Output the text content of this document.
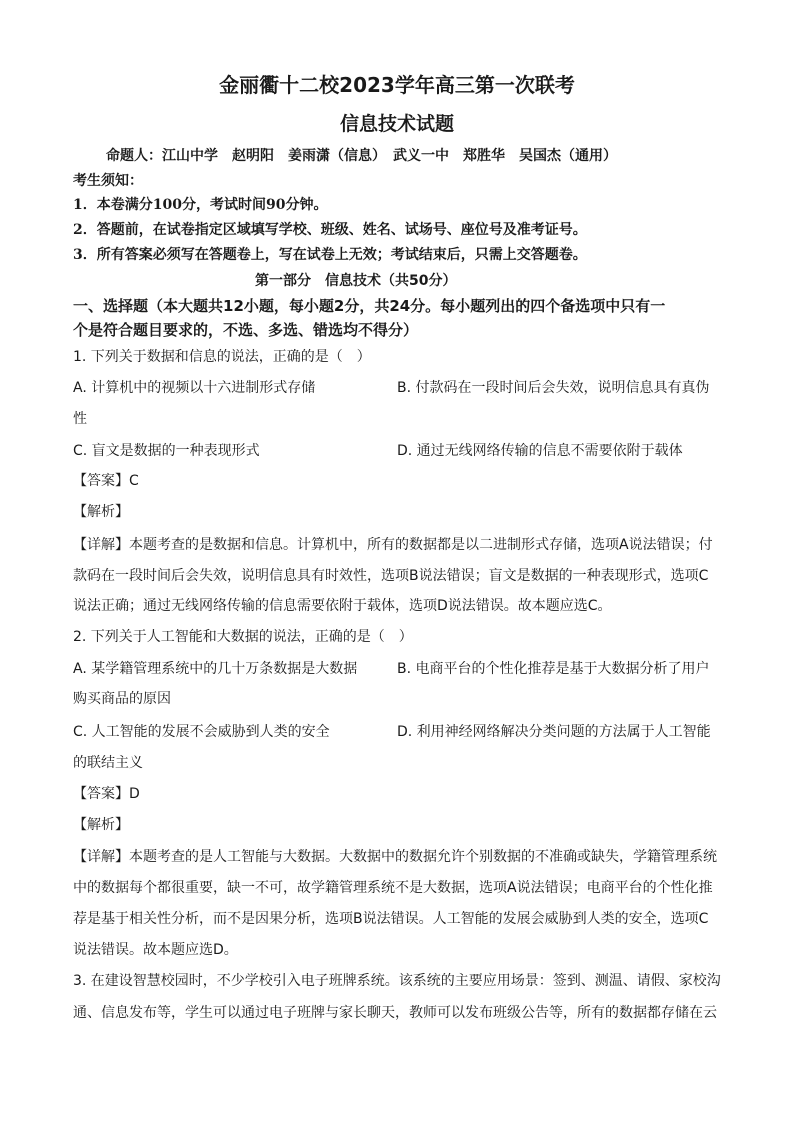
金丽衢十二校2023学年高三第一次联考
信息技术试题
命题人：江山中学　赵明阳　姜雨潇（信息）　武义一中　郑胜华　吴国杰（通用）
考生须知：
1．本卷满分100分，考试时间90分钟。
2．答题前，在试卷指定区域填写学校、班级、姓名、试场号、座位号及准考证号。
3．所有答案必须写在答题卷上，写在试卷上无效；考试结束后，只需上交答题卷。
第一部分　信息技术（共50分）
一、选择题（本大题共12小题，每小题2分，共24分。每小题列出的四个备选项中只有一
个是符合题目要求的，不选、多选、错选均不得分）
1. 下列关于数据和信息的说法，正确的是（　）
A. 计算机中的视频以十六进制形式存储	B. 付款码在一段时间后会失效，说明信息具有真伪
性
C. 盲文是数据的一种表现形式	D. 通过无线网络传输的信息不需要依附于载体
【答案】C
【解析】
【详解】本题考查的是数据和信息。计算机中，所有的数据都是以二进制形式存储，选项A说法错误；付
款码在一段时间后会失效，说明信息具有时效性，选项B说法错误；盲文是数据的一种表现形式，选项C
说法正确；通过无线网络传输的信息需要依附于载体，选项D说法错误。故本题应选C。
2. 下列关于人工智能和大数据的说法，正确的是（　）
A. 某学籍管理系统中的几十万条数据是大数据	B. 电商平台的个性化推荐是基于大数据分析了用户
购买商品的原因
C. 人工智能的发展不会威胁到人类的安全	D. 利用神经网络解决分类问题的方法属于人工智能
的联结主义
【答案】D
【解析】
【详解】本题考查的是人工智能与大数据。大数据中的数据允许个别数据的不准确或缺失，学籍管理系统
中的数据每个都很重要，缺一不可，故学籍管理系统不是大数据，选项A说法错误；电商平台的个性化推
荐是基于相关性分析，而不是因果分析，选项B说法错误。人工智能的发展会威胁到人类的安全，选项C
说法错误。故本题应选D。
3. 在建设智慧校园时，不少学校引入电子班牌系统。该系统的主要应用场景：签到、测温、请假、家校沟
通、信息发布等，学生可以通过电子班牌与家长聊天，教师可以发布班级公告等，所有的数据都存储在云
